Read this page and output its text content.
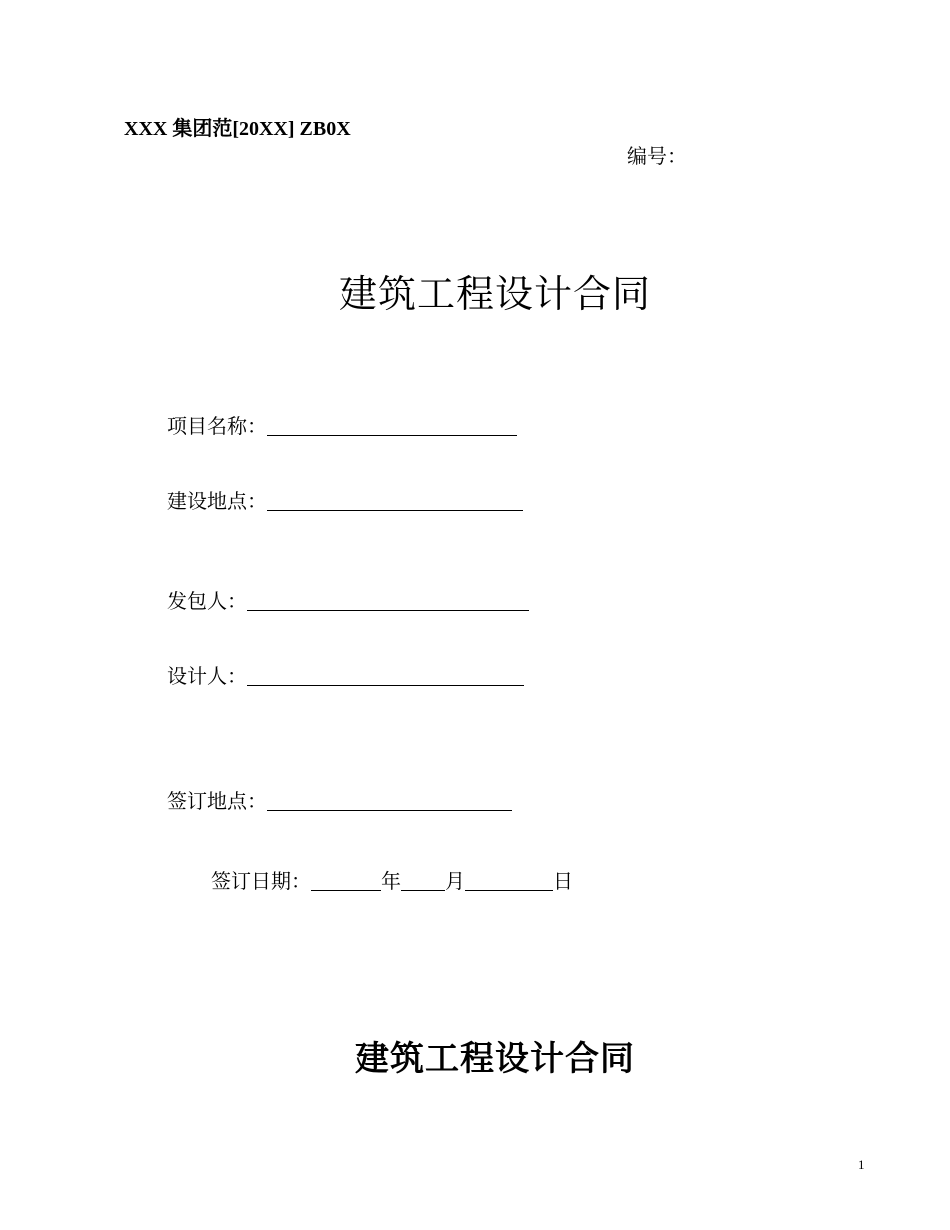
XXX 集团范[20XX] ZB0X
编号：
建筑工程设计合同
项目名称：
建设地点：
发包人：
设计人：
签订地点：
签订日期：	年 月	日
建筑工程设计合同
1
